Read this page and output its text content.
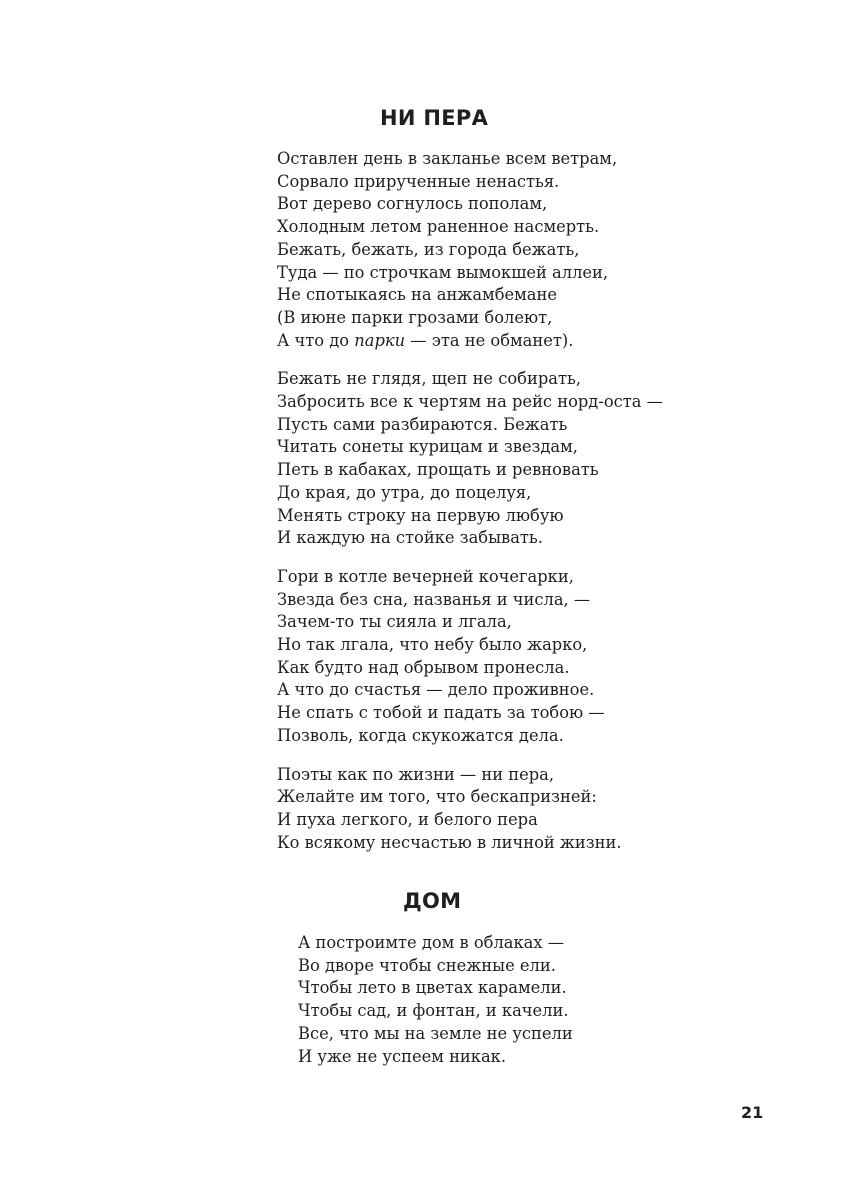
НИ ПЕРА
Оставлен день в закланье всем ветрам,
Сорвало прирученные ненастья.
Вот дерево согнулось пополам,
Холодным летом раненное насмерть.
Бежать, бежать, из города бежать,
Туда — по строчкам вымокшей аллеи,
Не спотыкаясь на анжамбемане
(В июне парки грозами болеют,
А что до парки — эта не обманет).
Бежать не глядя, щеп не собирать,
Забросить все к чертям на рейс норд-оста —
Пусть сами разбираются. Бежать
Читать сонеты курицам и звездам,
Петь в кабаках, прощать и ревновать
До края, до утра, до поцелуя,
Менять строку на первую любую
И каждую на стойке забывать.
Гори в котле вечерней кочегарки,
Звезда без сна, названья и числа, —
Зачем-то ты сияла и лгала,
Но так лгала, что небу было жарко,
Как будто над обрывом пронесла.
А что до счастья — дело проживное.
Не спать с тобой и падать за тобою —
Позволь, когда скукожатся дела.
Поэты как по жизни — ни пера,
Желайте им того, что бескапризней:
И пуха легкого, и белого пера
Ко всякому несчастью в личной жизни.
ДОМ
А построимте дом в облаках —
Во дворе чтобы снежные ели.
Чтобы лето в цветах карамели.
Чтобы сад, и фонтан, и качели.
Все, что мы на земле не успели
И уже не успеем никак.

21
